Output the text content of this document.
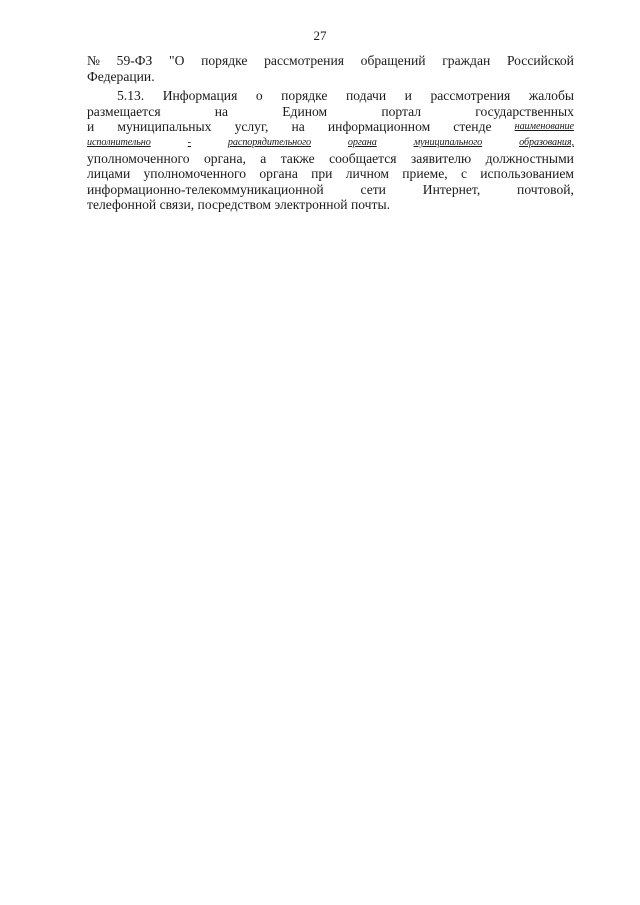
27
№ 59-ФЗ "О порядке рассмотрения обращений граждан Российской
Федерации.
5.13. Информация о порядке подачи и рассмотрения жалобы
размещается	на	Едином	портал	государственных
и муниципальных услуг, на информационном стенде наименование
исполнительно	-	распорядительного	органа	муниципального	образования,
уполномоченного органа, а также сообщается заявителю должностными
лицами уполномоченного органа при личном приеме, с использованием
информационно-телекоммуникационной	сети	Интернет,	почтовой,
телефонной связи, посредством электронной почты.
